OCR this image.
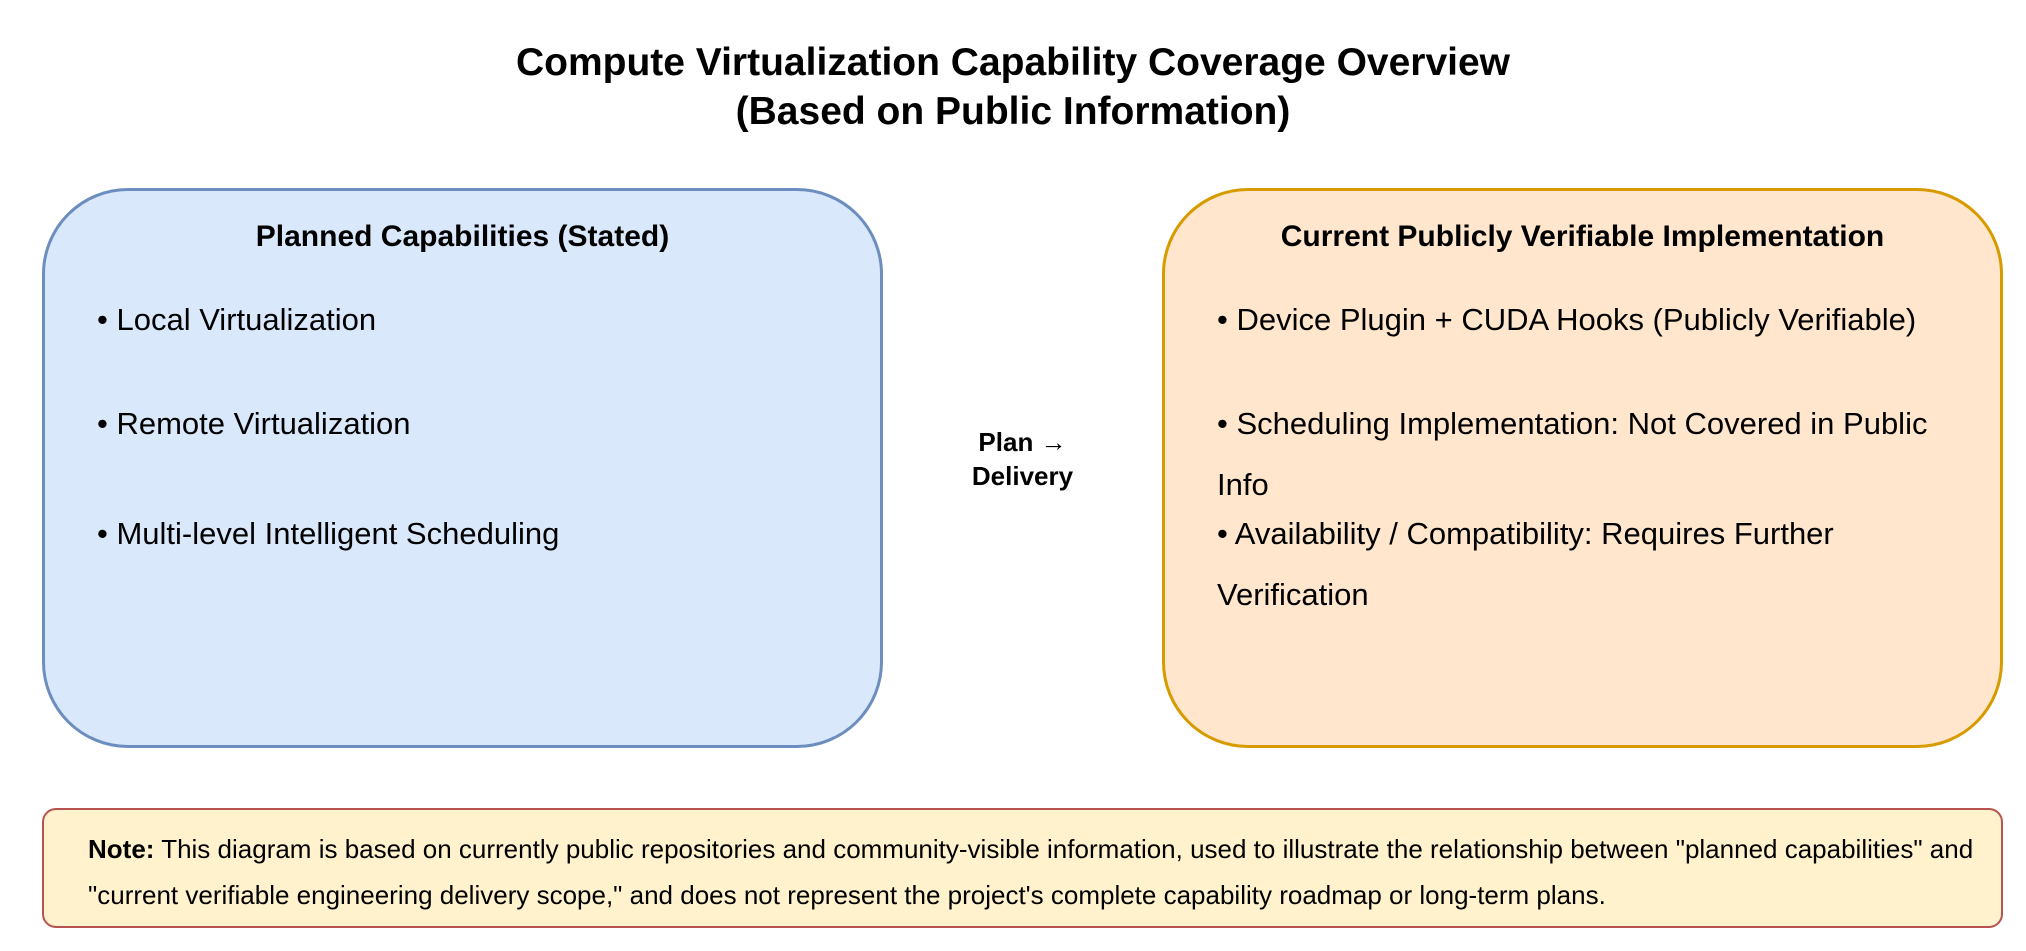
Compute Virtualization Capability Coverage Overview
(Based on Public Information)
Planned Capabilities (Stated)
• Local Virtualization
• Remote Virtualization
• Multi-level Intelligent Scheduling
Plan →
Delivery
Current Publicly Verifiable Implementation
• Device Plugin + CUDA Hooks (Publicly Verifiable)
• Scheduling Implementation: Not Covered in Public Info
• Availability / Compatibility: Requires Further Verification
Note: This diagram is based on currently public repositories and community-visible information, used to illustrate the relationship between "planned capabilities" and "current verifiable engineering delivery scope," and does not represent the project's complete capability roadmap or long-term plans.
